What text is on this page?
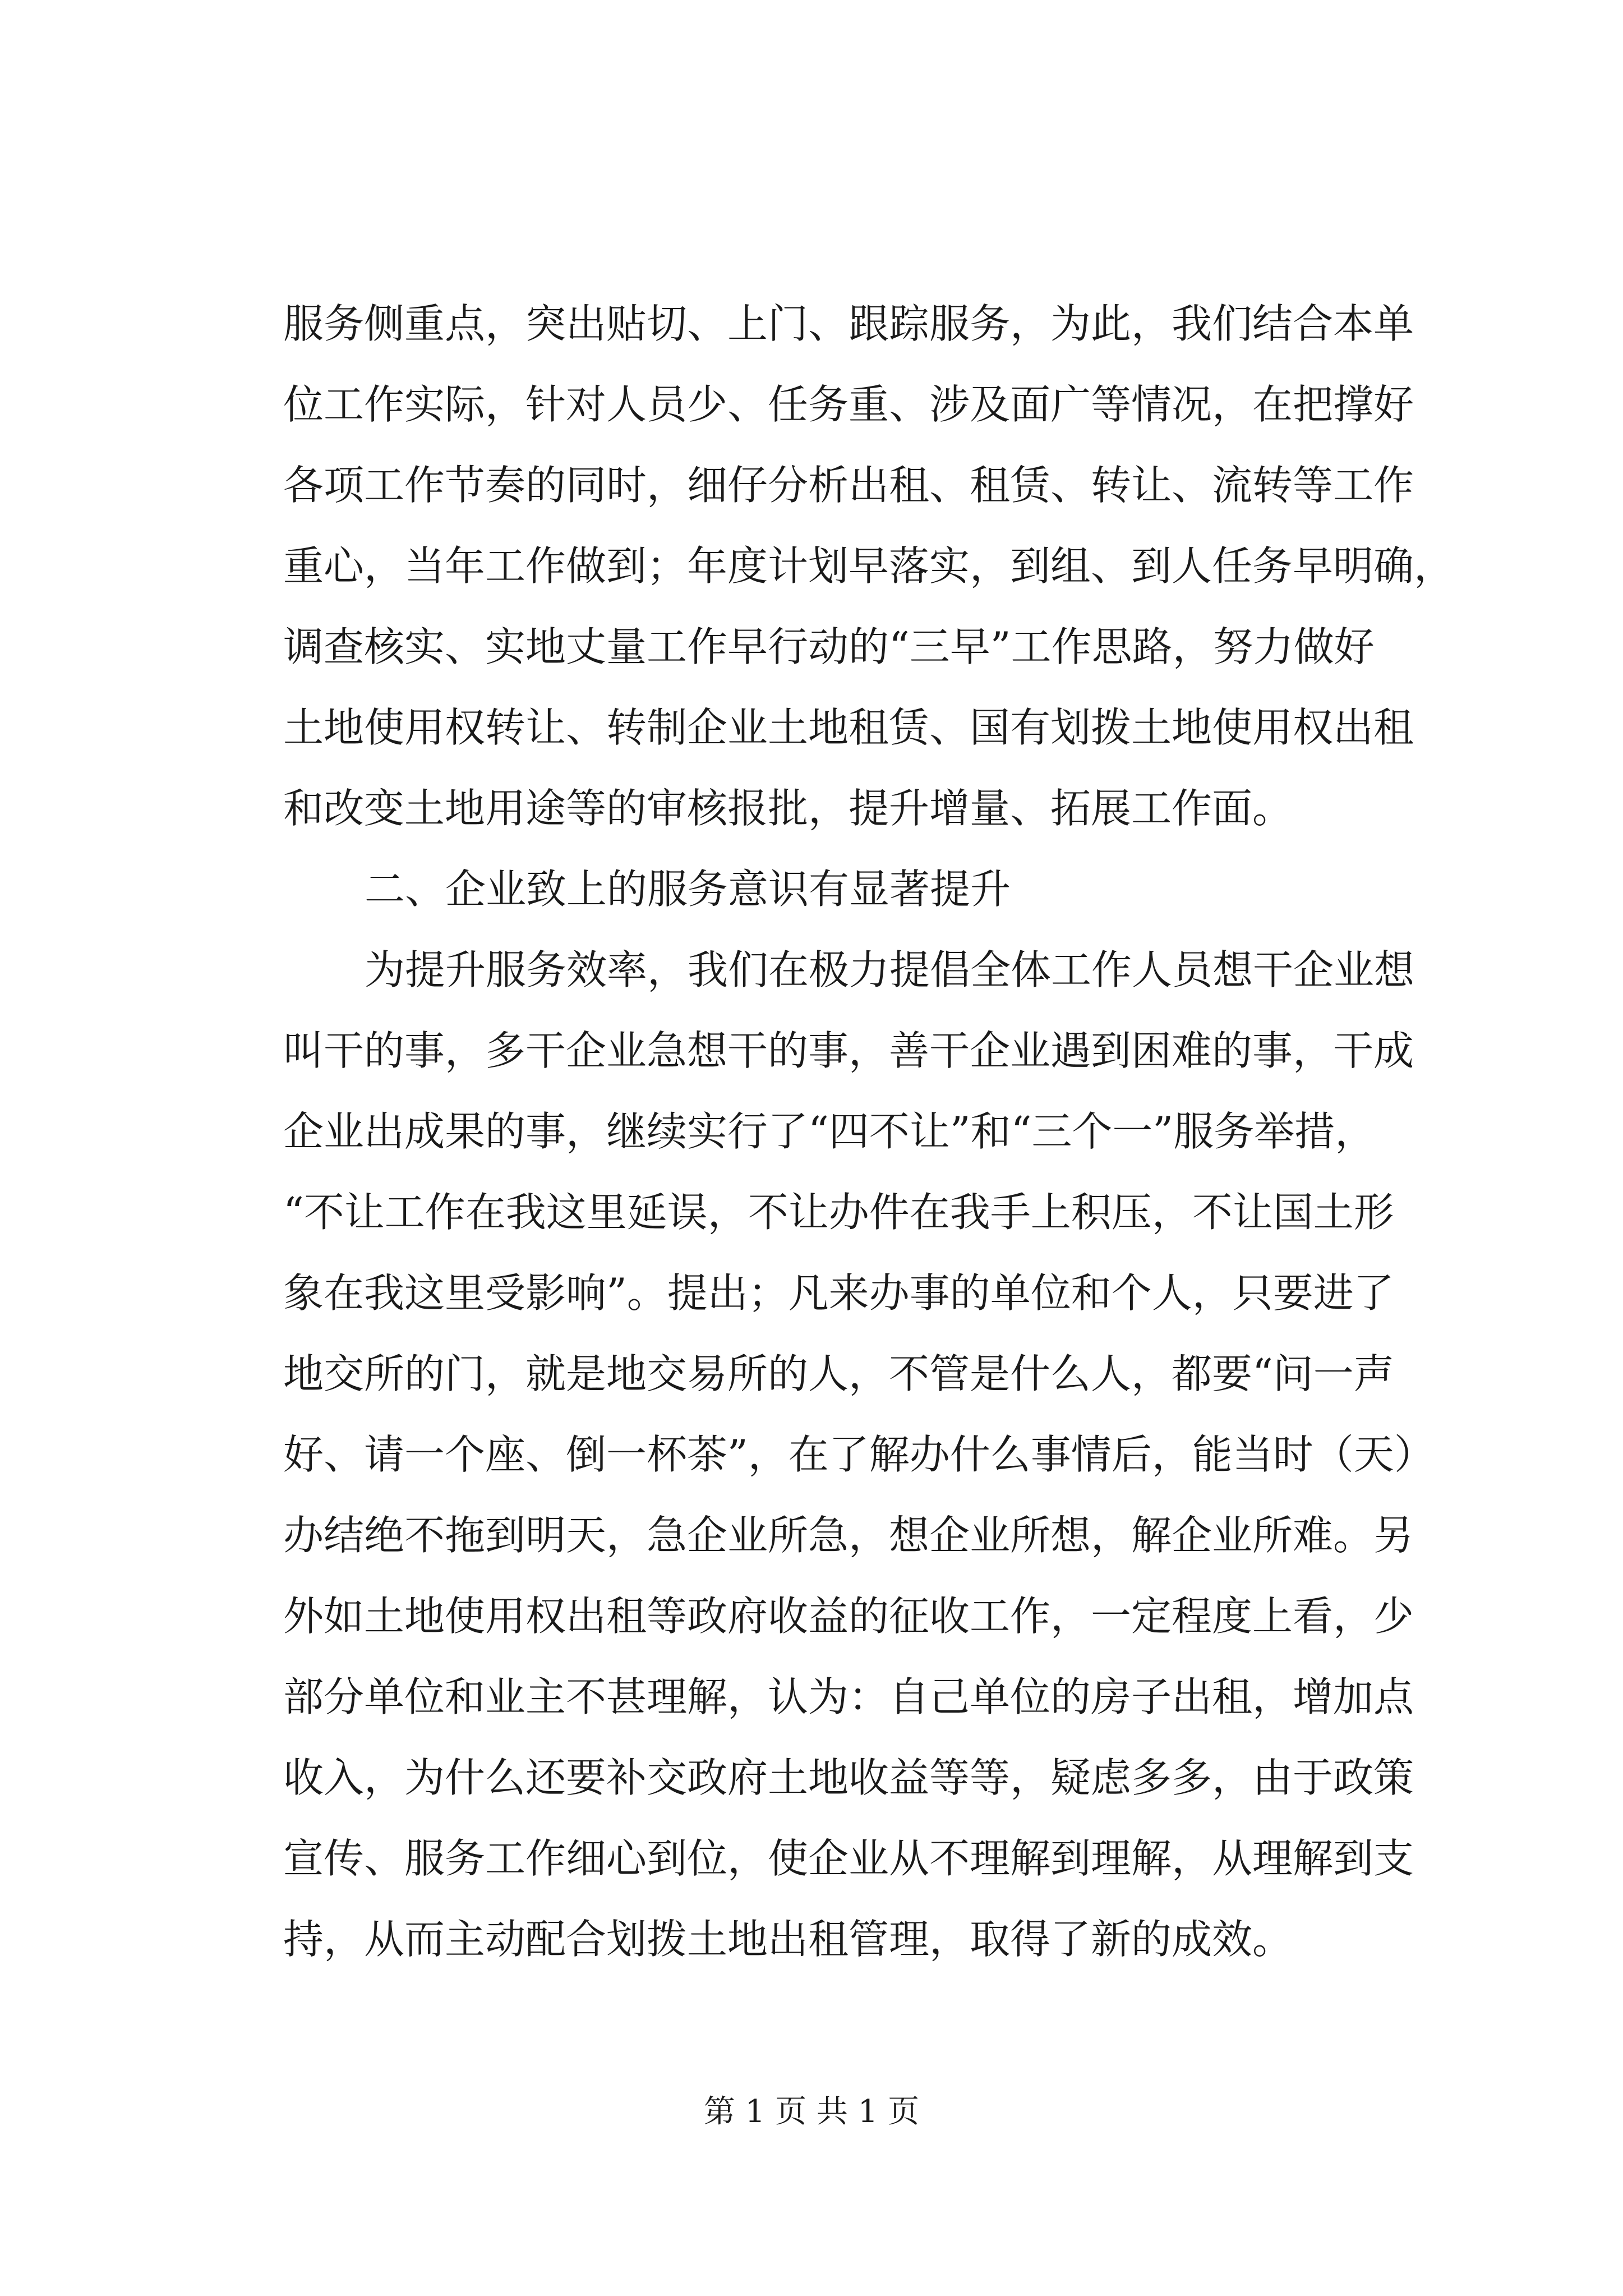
服务侧重点，突出贴切、上门、跟踪服务，为此，我们结合本单
位工作实际，针对人员少、任务重、涉及面广等情况，在把撑好
各项工作节奏的同时，细仔分析出租、租赁、转让、流转等工作
重心，当年工作做到；年度计划早落实，到组、到人任务早明确，
调查核实、实地丈量工作早行动的“三早”工作思路，努力做好
土地使用权转让、转制企业土地租赁、国有划拨土地使用权出租
和改变土地用途等的审核报批，提升增量、拓展工作面。
二、企业致上的服务意识有显著提升
为提升服务效率，我们在极力提倡全体工作人员想干企业想
叫干的事，多干企业急想干的事，善干企业遇到困难的事，干成
企业出成果的事，继续实行了“四不让”和“三个一”服务举措，
“不让工作在我这里延误，不让办件在我手上积压，不让国土形
象在我这里受影响”。提出；凡来办事的单位和个人，只要进了
地交所的门，就是地交易所的人，不管是什么人，都要“问一声
好、请一个座、倒一杯茶”，在了解办什么事情后，能当时（天）
办结绝不拖到明天，急企业所急，想企业所想，解企业所难。另
外如土地使用权出租等政府收益的征收工作，一定程度上看，少
部分单位和业主不甚理解，认为：自己单位的房子出租，增加点
收入，为什么还要补交政府土地收益等等，疑虑多多，由于政策
宣传、服务工作细心到位，使企业从不理解到理解，从理解到支
持，从而主动配合划拨土地出租管理，取得了新的成效。
第 1 页 共 1 页
